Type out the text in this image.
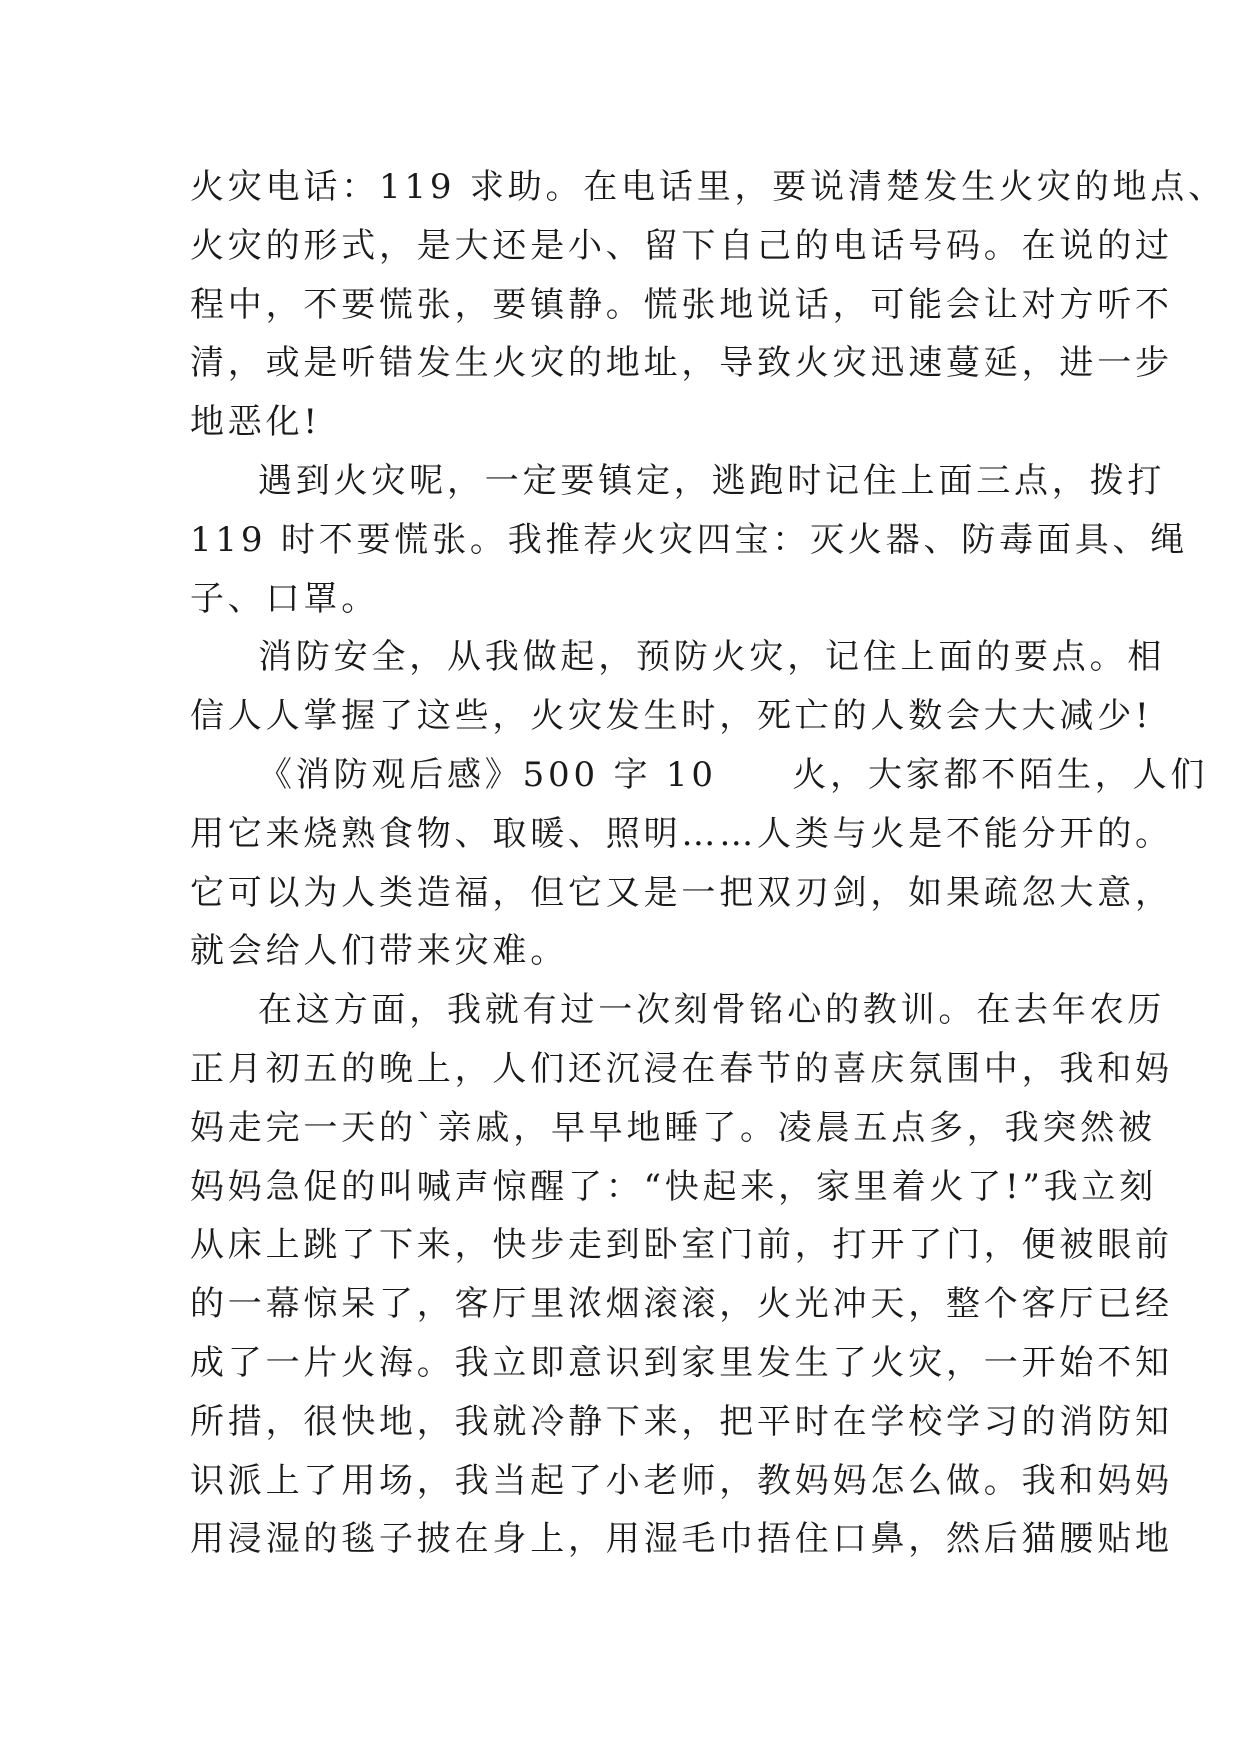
火灾电话：119 求助。在电话里，要说清楚发生火灾的地点、
火灾的形式，是大还是小、留下自己的电话号码。在说的过
程中，不要慌张，要镇静。慌张地说话，可能会让对方听不
清，或是听错发生火灾的地址，导致火灾迅速蔓延，进一步
地恶化!
遇到火灾呢，一定要镇定，逃跑时记住上面三点，拨打
119 时不要慌张。我推荐火灾四宝：灭火器、防毒面具、绳
子、口罩。
消防安全，从我做起，预防火灾，记住上面的要点。相
信人人掌握了这些，火灾发生时，死亡的人数会大大减少!
《消防观后感》500 字 10　　火，大家都不陌生，人们
用它来烧熟食物、取暖、照明……人类与火是不能分开的。
它可以为人类造福，但它又是一把双刃剑，如果疏忽大意，
就会给人们带来灾难。
在这方面，我就有过一次刻骨铭心的教训。在去年农历
正月初五的晚上，人们还沉浸在春节的喜庆氛围中，我和妈
妈走完一天的`亲戚，早早地睡了。凌晨五点多，我突然被
妈妈急促的叫喊声惊醒了：“快起来，家里着火了!”我立刻
从床上跳了下来，快步走到卧室门前，打开了门，便被眼前
的一幕惊呆了，客厅里浓烟滚滚，火光冲天，整个客厅已经
成了一片火海。我立即意识到家里发生了火灾，一开始不知
所措，很快地，我就冷静下来，把平时在学校学习的消防知
识派上了用场，我当起了小老师，教妈妈怎么做。我和妈妈
用浸湿的毯子披在身上，用湿毛巾捂住口鼻，然后猫腰贴地
